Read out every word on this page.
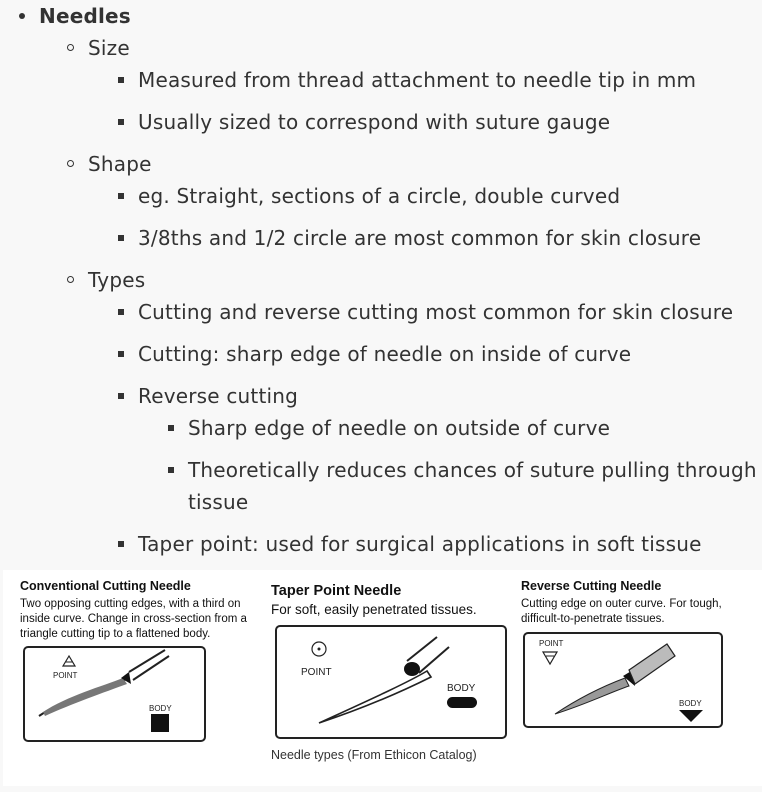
Needles
Size
Measured from thread attachment to needle tip in mm
Usually sized to correspond with suture gauge
Shape
eg. Straight, sections of a circle, double curved
3/8ths and 1/2 circle are most common for skin closure
Types
Cutting and reverse cutting most common for skin closure
Cutting: sharp edge of needle on inside of curve
Reverse cutting
Sharp edge of needle on outside of curve
Theoretically reduces chances of suture pulling through
tissue
Taper point: used for surgical applications in soft tissue
Conventional Cutting Needle
Two opposing cutting edges, with a third on
inside curve. Change in cross-section from a
triangle cutting tip to a flattened body.
POINT
BODY
Taper Point Needle
For soft, easily penetrated tissues.
POINT
BODY
Reverse Cutting Needle
Cutting edge on outer curve. For tough,
difficult-to-penetrate tissues.
POINT
BODY
Needle types (From Ethicon Catalog)
